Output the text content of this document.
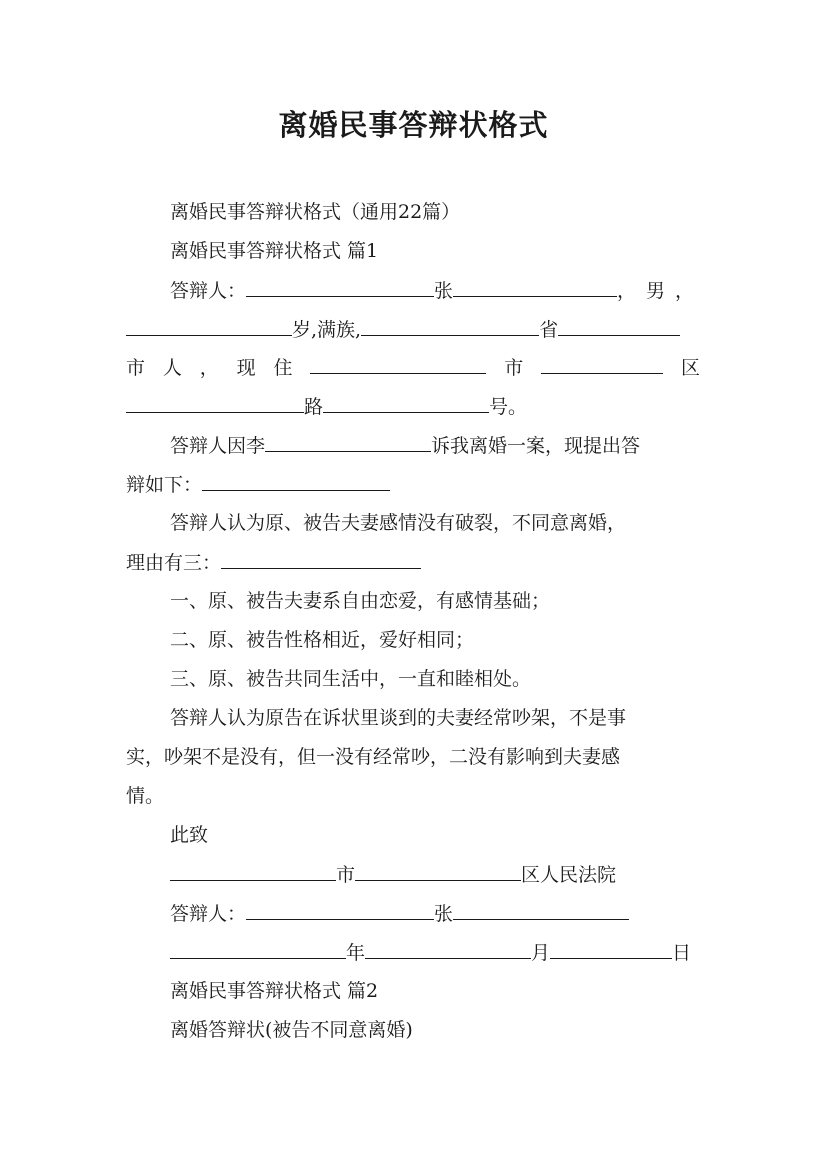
离婚民事答辩状格式
离婚民事答辩状格式（通用22篇）
离婚民事答辩状格式 篇1
答辩人：	张	，男，
岁,满族,	省
市 人 ， 现 住	市	区
路	号。
答辩人因李	诉我离婚一案，现提出答
辩如下：
答辩人认为原、被告夫妻感情没有破裂，不同意离婚，
理由有三：
一、原、被告夫妻系自由恋爱，有感情基础；
二、原、被告性格相近，爱好相同；
三、原、被告共同生活中，一直和睦相处。
答辩人认为原告在诉状里谈到的夫妻经常吵架，不是事
实，吵架不是没有，但一没有经常吵，二没有影响到夫妻感
情。
此致
市	区人民法院
答辩人：	张
年	月	日
离婚民事答辩状格式 篇2
离婚答辩状(被告不同意离婚)
